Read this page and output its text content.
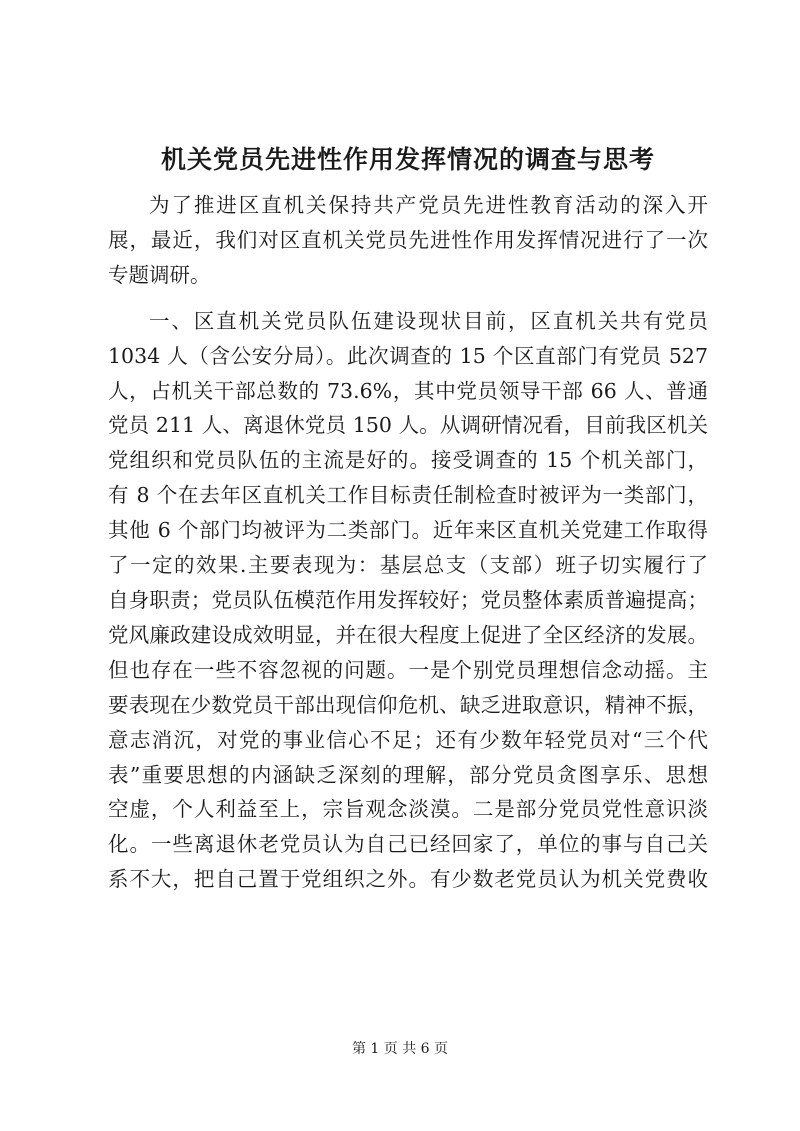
机关党员先进性作用发挥情况的调查与思考
为了推进区直机关保持共产党员先进性教育活动的深入开
展，最近，我们对区直机关党员先进性作用发挥情况进行了一次
专题调研。
一、区直机关党员队伍建设现状目前，区直机关共有党员
1034 人（含公安分局）。此次调查的 15 个区直部门有党员 527
人，占机关干部总数的 73.6%，其中党员领导干部 66 人、普通
党员 211 人、离退休党员 150 人。从调研情况看，目前我区机关
党组织和党员队伍的主流是好的。接受调查的 15 个机关部门，
有 8 个在去年区直机关工作目标责任制检查时被评为一类部门，
其他 6 个部门均被评为二类部门。近年来区直机关党建工作取得
了一定的效果.主要表现为：基层总支（支部）班子切实履行了
自身职责；党员队伍模范作用发挥较好；党员整体素质普遍提高；
党风廉政建设成效明显，并在很大程度上促进了全区经济的发展。
但也存在一些不容忽视的问题。一是个别党员理想信念动摇。主
要表现在少数党员干部出现信仰危机、缺乏进取意识，精神不振，
意志消沉，对党的事业信心不足；还有少数年轻党员对“三个代
表”重要思想的内涵缺乏深刻的理解，部分党员贪图享乐、思想
空虚，个人利益至上，宗旨观念淡漠。二是部分党员党性意识淡
化。一些离退休老党员认为自己已经回家了，单位的事与自己关
系不大，把自己置于党组织之外。有少数老党员认为机关党费收
第 1 页 共 6 页
